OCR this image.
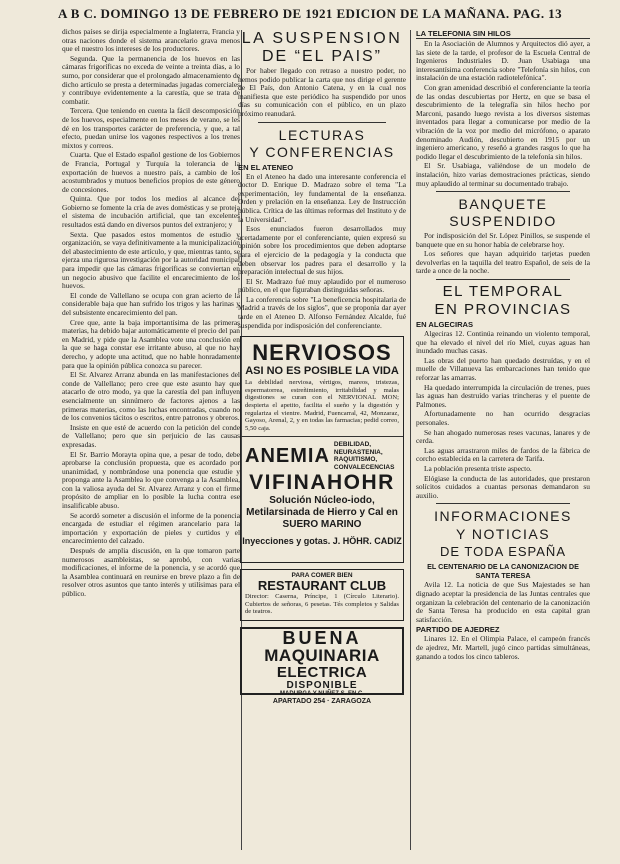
A B C. DOMINGO 13 DE FEBRERO DE 1921 EDICION DE LA MAÑANA. PAG. 13

dichos países se dirija especialmente a Inglaterra, Francia y otras naciones donde el sistema arancelario grava menos que el nuestro los intereses de los productores.

Segunda. Que la permanencia de los huevos en las cámaras frigoríficas no exceda de veinte a treinta días, a lo sumo, por considerar que el prolongado almacenamiento de dicho artículo se presta a determinadas jugadas comerciales y contribuye evidentemente a la carestía, que se trata de combatir.

Tercera. Que teniendo en cuenta la fácil descomposición de los huevos, especialmente en los meses de verano, se les dé en los transportes carácter de preferencia, y que, a tal efecto, puedan unirse los vagones respectivos a los trenes mixtos y correos.

Cuarta. Que el Estado español gestione de los Gobiernos de Francia, Portugal y Turquía la tolerancia de la exportación de huevos a nuestro país, a cambio de los acostumbrados y mutuos beneficios propios de este género de concesiones.

Quinta. Que por todos los medios al alcance del Gobierno se fomente la cría de aves domésticas y se proteja el sistema de incubación artificial, que tan excelentes resultados está dando en diversos puntos del extranjero; y

Sexta. Que pasados estos momentos de estudio y organización, se vaya definitivamente a la municipalización del abastecimiento de este artículo, y que, mientras tanto, se ejerza una rigurosa investigación por la autoridad municipal para impedir que las cámaras frigoríficas se conviertan en un negocio abusivo que facilite el encarecimiento de los huevos.

El conde de Vallellano se ocupa con gran acierto de la considerable baja que han sufrido los trigos y las harinas y del subsistente encarecimiento del pan.

Cree que, ante la baja importantísima de las primeras materias, ha debido bajar automáticamente el precio del pan en Madrid, y pide que la Asamblea vote una conclusión en la que se haga constar ese irritante abuso, al que no hay derecho, y adopte una actitud, que no hable honradamente para que la opinión pública conozca su parecer.

El Sr. Alvarez Arranz abunda en las manifestaciones del conde de Vallellano; pero cree que este asunto hay que atacarlo de otro modo, ya que la carestía del pan influyen esencialmente un sinnúmero de factores ajenos a las primeras materias, como las luchas encontradas, cuando no de los convenios tácitos o escritos, entre patronos y obreros.

Insiste en que esté de acuerdo con la petición del conde de Vallellano; pero que sin perjuicio de las causas expresadas.

El Sr. Barrio Morayta opina que, a pesar de todo, debe aprobarse la conclusión propuesta, que es acordado por unanimidad, y nombrándose una ponencia que estudie y proponga ante la Asamblea lo que convenga a la Asamblea, con la valiosa ayuda del Sr. Alvarez Arranz y con el firme propósito de ampliar en lo posible la lucha contra ese insalificable abuso.

Se acordó someter a discusión el informe de la ponencia encargada de estudiar el régimen arancelario para la importación y exportación de pieles y curtidos y el encarecimiento del calzado.

Después de amplia discusión, en la que tomaron parte numerosos asambleístas, se aprobó, con varias modificaciones, el informe de la ponencia, y se acordó que la Asamblea continuará en reunirse en breve plazo a fin de resolver otros asuntos que tanto interés y utilísimas para el público.

LA SUSPENSION
DE “EL PAIS”

Por haber llegado con retraso a nuestro poder, no hemos podido publicar la carta que nos dirige el gerente de El País, don Antonio Catena, y en la cual nos manifiesta que este periódico ha suspendido por unos días su comunicación con el público, en un plazo próximo reanudará.

LECTURAS
Y CONFERENCIAS
EN EL ATENEO

En el Ateneo ha dado una interesante conferencia el doctor D. Enrique D. Madrazo sobre el tema "La experimentación, ley fundamental de la enseñanza. Orden y prelación en la enseñanza. Ley de Instrucción pública. Crítica de las últimas reformas del Instituto y de la Universidad".

Esos enunciados fueron desarrollados muy acertadamente por el conferenciante, quien expresó su opinión sobre los procedimientos que deben adoptarse para el ejercicio de la pedagogía y la conducta que deben observar los padres para el desarrollo y la preparación intelectual de sus hijos.

El Sr. Madrazo fué muy aplaudido por el numeroso público, en el que figuraban distinguidas señoras.

La conferencia sobre "La beneficencia hospitalaria de Madrid a través de los siglos", que se proponía dar ayer tarde en el Ateneo D. Alfonso Fernández Alcalde, fué suspendida por indisposición del conferenciante.

NERVIOSOS
ASI NO ES POSIBLE LA VIDA
La debilidad nerviosa, vértigos, mareos, tristezas, espermatorrea, estreñimiento, irritabilidad y malas digestiones se curan con el NERVIONAL MON; despierta el apetito, facilita el sueño y la digestión y regulariza el vientre. Madrid, Fuencarral, 42, Monzaraz, Gayoso, Arenal, 2, y en todas las farmacias; pedid correo, 5,50 caja.
ANEMIA
DEBILIDAD, NEURASTENIA, RAQUITISMO, CONVALECENCIAS
VIFINAHOHR
Solución Núcleo-iodo, Metilarsinada de Hierro y Cal en SUERO MARINO
Inyecciones y gotas. J. HÖHR. CADIZ
PARA COMER BIEN
RESTAURANT CLUB
Director: Caserna, Príncipe, 1 (Círculo Literario). Cubiertos de señoras, 6 pesetas. Tés completos y Salidas de teatros.
BUENA
MAQUINARIA
ELECTRICA
DISPONIBLE
MADURGA Y NUÑEZ S. EN C.
APARTADO 254 · ZARAGOZA
LA TELEFONIA SIN HILOS

En la Asociación de Alumnos y Arquitectos dió ayer, a las siete de la tarde, el profesor de la Escuela Central de Ingenieros Industriales D. Juan Usabiaga una interesantísima conferencia sobre "Telefonía sin hilos, con instalación de una estación radiotelefónica".

Con gran amenidad describió el conferenciante la teoría de las ondas descubiertas por Hertz, en que se basa el descubrimiento de la telegrafía sin hilos hecho por Marconi, pasando luego revista a los diversos sistemas inventados para llegar a comunicarse por medio de la vibración de la voz por medio del micrófono, o aparato denominado Audión, descubierto en 1915 por un ingeniero americano, y reseñó a grandes rasgos lo que ha podido llegar el descubrimiento de la telefonía sin hilos.

El Sr. Usabiaga, valiéndose de un modelo de instalación, hizo varias demostraciones prácticas, siendo muy aplaudido al terminar su documentado trabajo.

BANQUETE
SUSPENDIDO

Por indisposición del Sr. López Pinillos, se suspende el banquete que en su honor había de celebrarse hoy.

Los señores que hayan adquirido tarjetas pueden devolverlas en la taquilla del teatro Español, de seis de la tarde a once de la noche.

EL TEMPORAL
EN PROVINCIAS
EN ALGECIRAS

Algeciras 12. Continúa reinando un violento temporal, que ha elevado el nivel del río Miel, cuyas aguas han inundado muchas casas.

Las obras del puerto han quedado destruídas, y en el muelle de Villanueva las embarcaciones han tenido que reforzar las amarras.

Ha quedado interrumpida la circulación de trenes, pues las aguas han destruído varias trincheras y el puente de Palmones.

Afortunadamente no han ocurrido desgracias personales.

Se han ahogado numerosas reses vacunas, lanares y de cerda.

Las aguas arrastraron miles de fardos de la fábrica de corcho establecida en la carretera de Tarifa.

La población presenta triste aspecto.

Elógiase la conducta de las autoridades, que prestaron solícitos cuidados a cuantas personas demandaron su auxilio.

INFORMACIONES
Y NOTICIAS
DE TODA ESPAÑA
EL CENTENARIO DE LA CANONIZACION DE SANTA TERESA

Avila 12. La noticia de que Sus Majestades se han dignado aceptar la presidencia de las Juntas centrales que organizan la celebración del centenario de la canonización de Santa Teresa ha producido en esta capital gran satisfacción.

PARTIDO DE AJEDREZ

Linares 12. En el Olimpia Palace, el campeón francés de ajedrez, Mr. Martell, jugó cinco partidas simultáneas, ganando a todos los cinco tableros.
